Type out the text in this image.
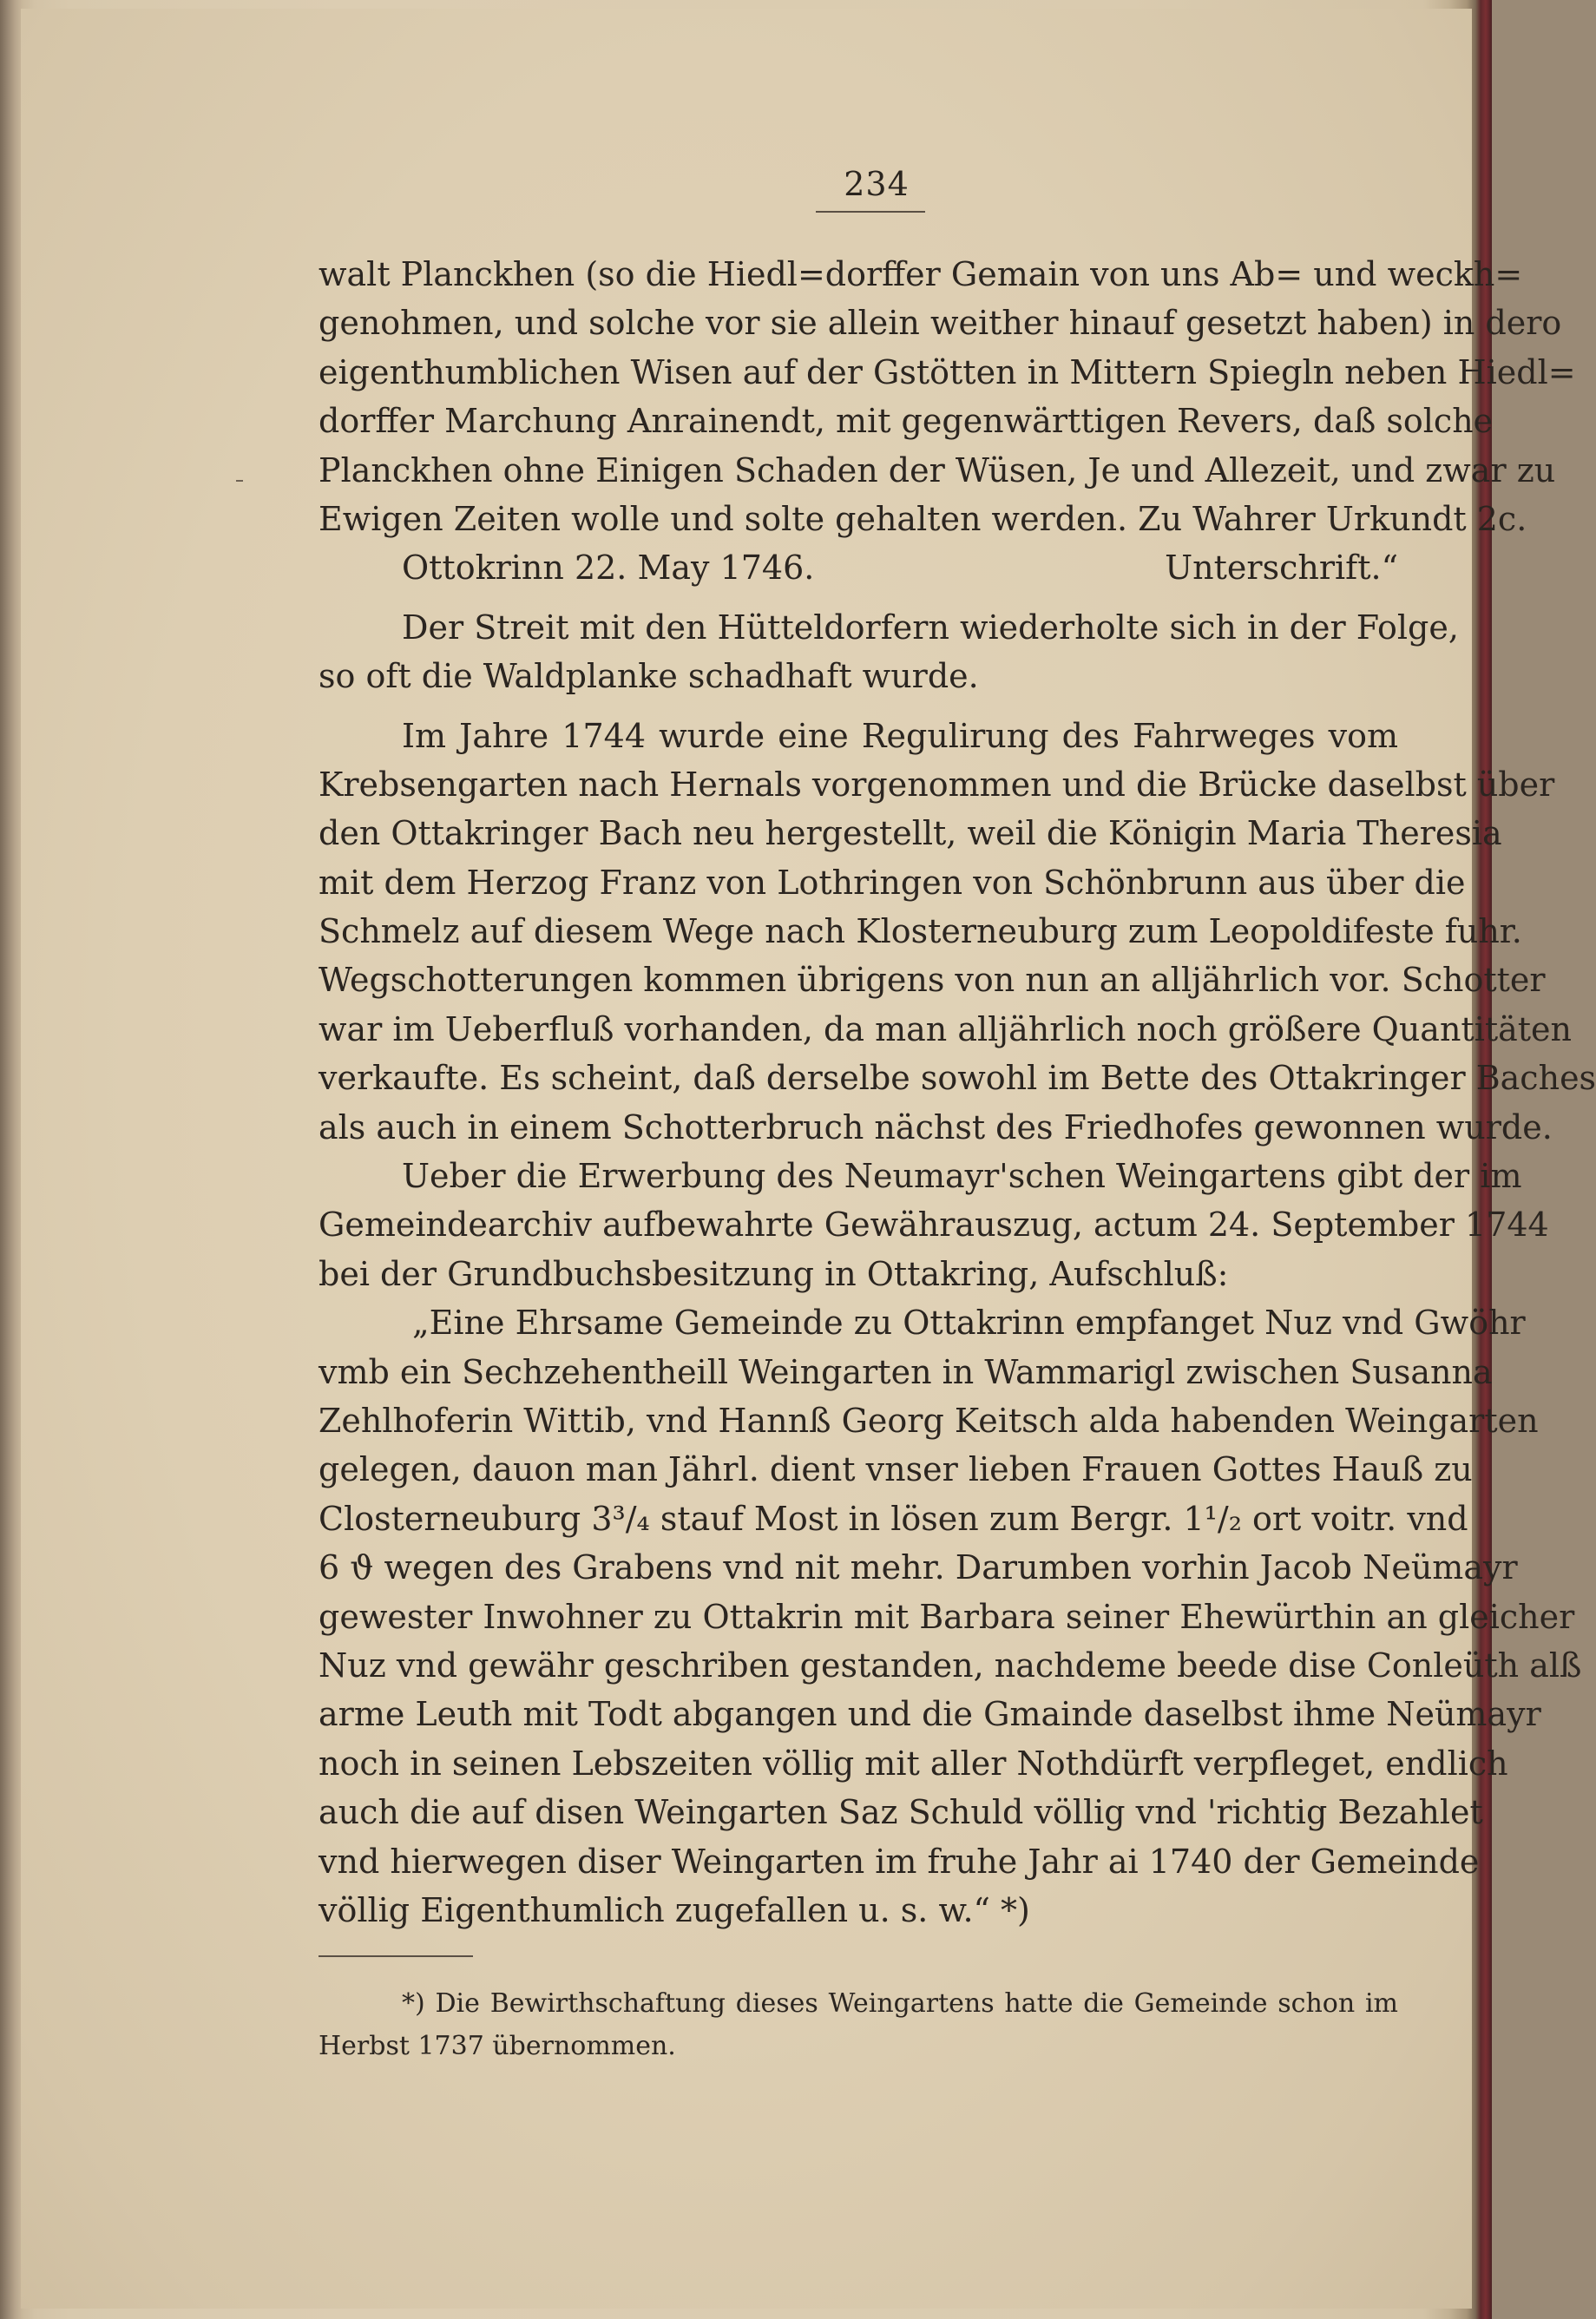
234
walt Planckhen (so die Hiedl=dorffer Gemain von uns Ab= und weckh=
genohmen, und solche vor sie allein weither hinauf gesetzt haben) in dero
eigenthumblichen Wisen auf der Gstötten in Mittern Spiegln neben Hiedl=
dorffer Marchung Anrainendt, mit gegenwärttigen Revers, daß solche
Planckhen ohne Einigen Schaden der Wüsen, Je und Allezeit, und zwar zu
Ewigen Zeiten wolle und solte gehalten werden. Zu Wahrer Urkundt 2c.
Ottokrinn 22. May 1746.	Unterschrift.“
Der Streit mit den Hütteldorfern wiederholte sich in der Folge,
so oft die Waldplanke schadhaft wurde.
Im Jahre 1744 wurde eine Regulirung des Fahrweges vom
Krebsengarten nach Hernals vorgenommen und die Brücke daselbst über
den Ottakringer Bach neu hergestellt, weil die Königin Maria Theresia
mit dem Herzog Franz von Lothringen von Schönbrunn aus über die
Schmelz auf diesem Wege nach Klosterneuburg zum Leopoldifeste fuhr.
Wegschotterungen kommen übrigens von nun an alljährlich vor. Schotter
war im Ueberfluß vorhanden, da man alljährlich noch größere Quantitäten
verkaufte. Es scheint, daß derselbe sowohl im Bette des Ottakringer Baches
als auch in einem Schotterbruch nächst des Friedhofes gewonnen wurde.
Ueber die Erwerbung des Neumayr'schen Weingartens gibt der im
Gemeindearchiv aufbewahrte Gewährauszug, actum 24. September 1744
bei der Grundbuchsbesitzung in Ottakring, Aufschluß:
„Eine Ehrsame Gemeinde zu Ottakrinn empfanget Nuz vnd Gwöhr
vmb ein Sechzehentheill Weingarten in Wammarigl zwischen Susanna
Zehlhoferin Wittib, vnd Hannß Georg Keitsch alda habenden Weingarten
gelegen, dauon man Jährl. dient vnser lieben Frauen Gottes Hauß zu
Closterneuburg 3³/₄ stauf Most in lösen zum Bergr. 1¹/₂ ort voitr. vnd
6 ϑ wegen des Grabens vnd nit mehr. Darumben vorhin Jacob Neümayr
gewester Inwohner zu Ottakrin mit Barbara seiner Ehewürthin an gleicher
Nuz vnd gewähr geschriben gestanden, nachdeme beede dise Conleüth alß
arme Leuth mit Todt abgangen und die Gmainde daselbst ihme Neümayr
noch in seinen Lebszeiten völlig mit aller Nothdürft verpfleget, endlich
auch die auf disen Weingarten Saz Schuld völlig vnd 'richtig Bezahlet
vnd hierwegen diser Weingarten im fruhe Jahr ai 1740 der Gemeinde
völlig Eigenthumlich zugefallen u. s. w.“ *)
*) Die Bewirthschaftung dieses Weingartens hatte die Gemeinde schon im
Herbst 1737 übernommen.
